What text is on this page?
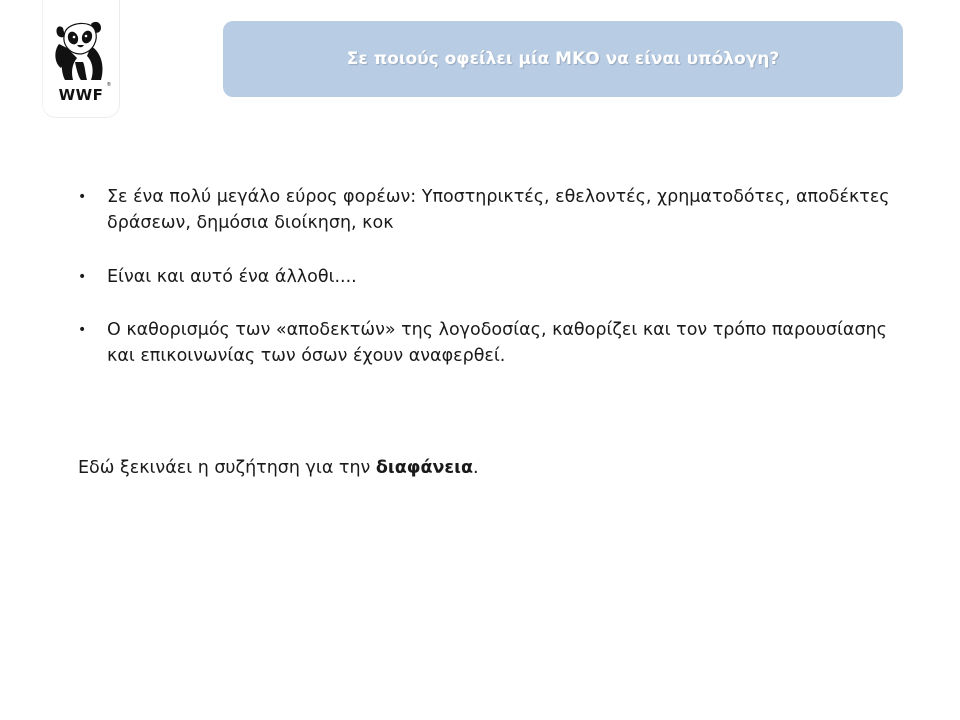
WWF
®
Σε ποιούς οφείλει μία ΜΚΟ να είναι υπόλογη?
• Σε ένα πολύ μεγάλο εύρος φορέων: Υποστηρικτές, εθελοντές, χρηματοδότες, αποδέκτες δράσεων, δημόσια διοίκηση, κοκ
• Είναι και αυτό ένα άλλοθι....
• Ο καθορισμός των «αποδεκτών» της λογοδοσίας, καθορίζει και τον τρόπο παρουσίασης και επικοινωνίας των όσων έχουν αναφερθεί.
Εδώ ξεκινάει η συζήτηση για την διαφάνεια.
